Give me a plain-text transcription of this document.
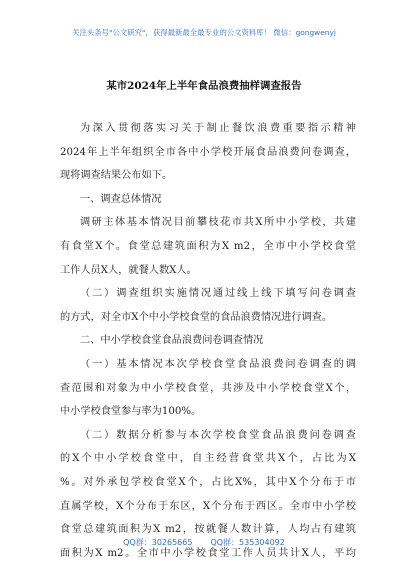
关注头条号"公文研究"，获得最新最全最专业的公文资料库！ 微信：gongwenyj
某市2024年上半年食品浪费抽样调查报告
为深入贯彻落实习关于制止餐饮浪费重要指示精神
2024年上半年组织全市各中小学校开展食品浪费问卷调查，
现将调查结果公布如下。
一、调查总体情况
调研主体基本情况目前攀枝花市共X所中小学校，共建
有食堂X个。食堂总建筑面积为X m2，全市中小学校食堂
工作人员X人，就餐人数X人。
（二）调查组织实施情况通过线上线下填写问卷调查
的方式，对全市X个中小学校食堂的食品浪费情况进行调查。
二、中小学校食堂食品浪费问卷调查情况
（一）基本情况本次学校食堂食品浪费问卷调查的调
查范围和对象为中小学校食堂，共涉及中小学校食堂X个，
中小学校食堂参与率为100%。
（二）数据分析参与本次学校食堂食品浪费问卷调查
的X个中小学校食堂中，自主经营食堂共X个，占比为X
%。对外承包学校食堂X个，占比X%，其中X个分布于市
直属学校，X个分布于东区，X个分布于西区。全市中小学校
食堂总建筑面积为X m2，按就餐人数计算，人均占有建筑
面积为X m2。全市中小学校食堂工作人员共计X人，平均
QQ群：30265665 QQ群：535304092
